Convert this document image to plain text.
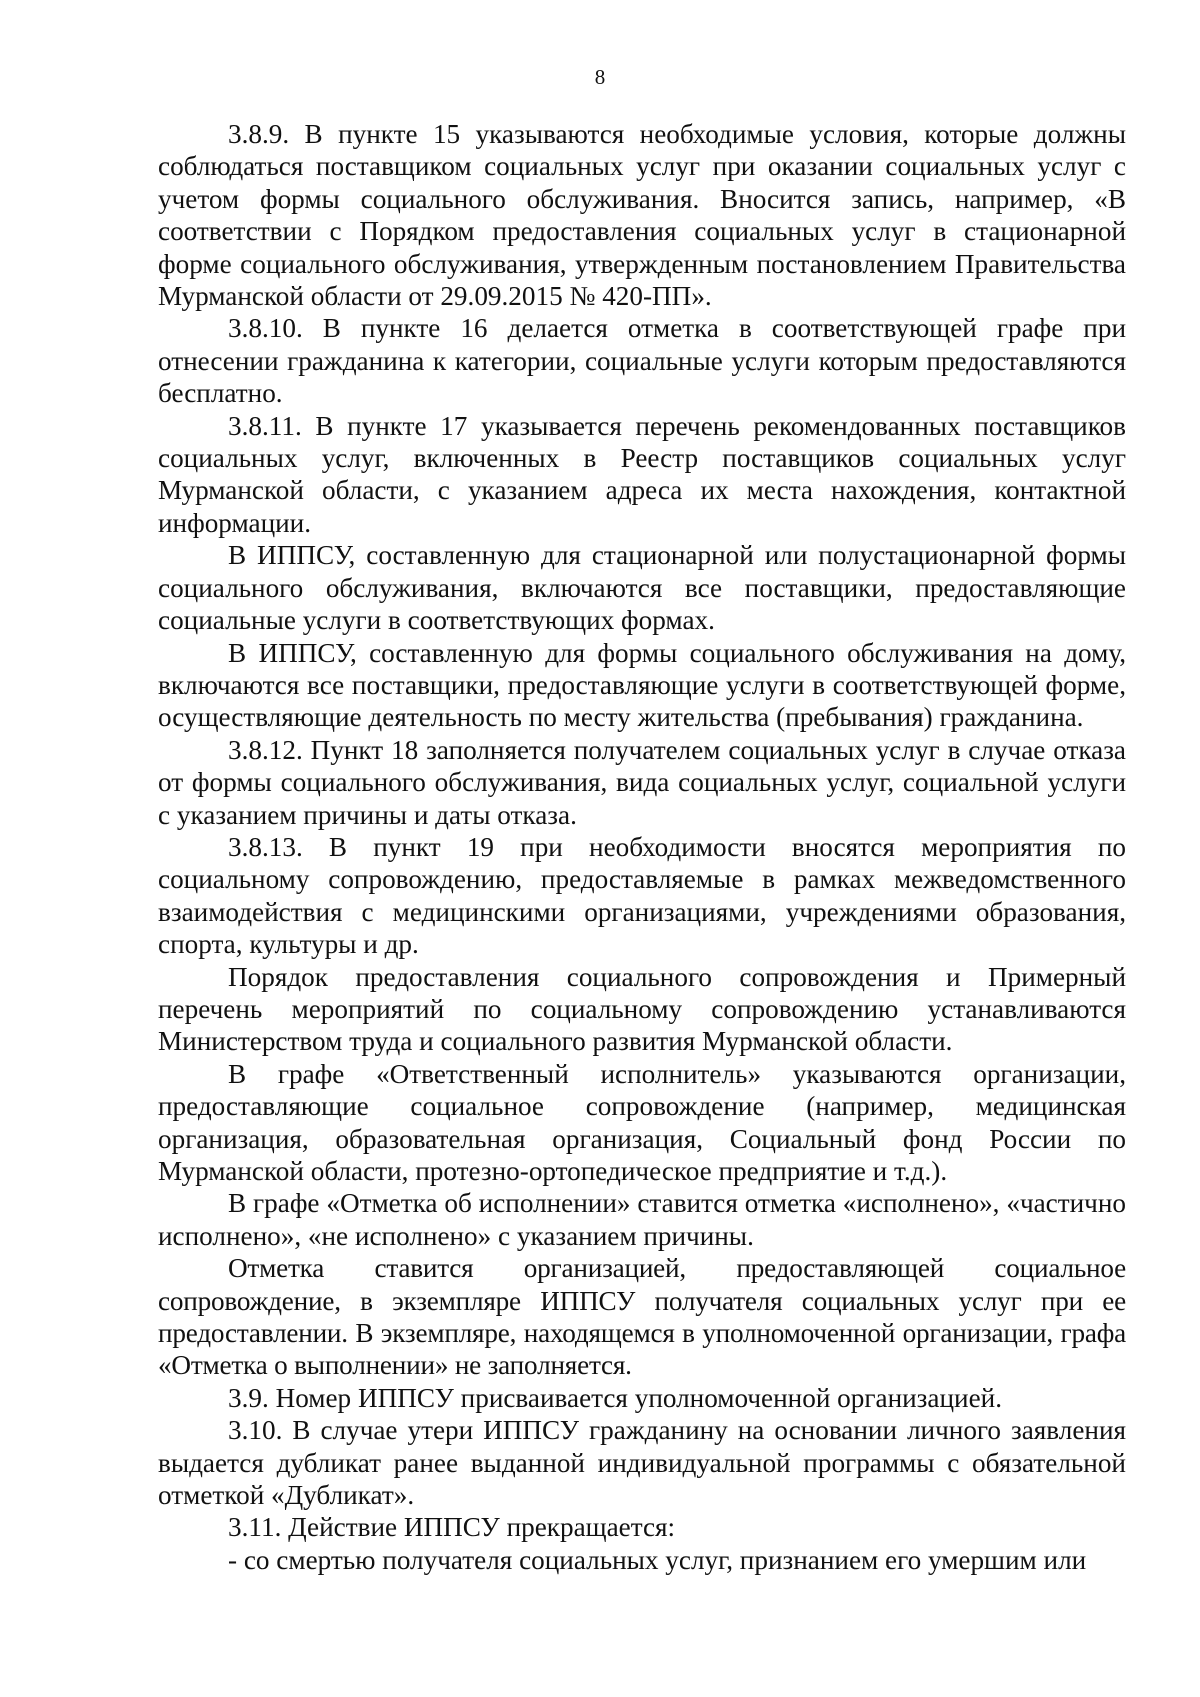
8

3.8.9. В пункте 15 указываются необходимые условия, которые должны соблюдаться поставщиком социальных услуг при оказании социальных услуг с учетом формы социального обслуживания. Вносится запись, например, «В соответствии с Порядком предоставления социальных услуг в стационарной форме социального обслуживания, утвержденным постановлением Правительства Мурманской области от 29.09.2015 № 420-ПП».

3.8.10. В пункте 16 делается отметка в соответствующей графе при отнесении гражданина к категории, социальные услуги которым предоставляются бесплатно.

3.8.11. В пункте 17 указывается перечень рекомендованных поставщиков социальных услуг, включенных в Реестр поставщиков социальных услуг Мурманской области, с указанием адреса их места нахождения, контактной информации.

В ИППСУ, составленную для стационарной или полустационарной формы социального обслуживания, включаются все поставщики, предоставляющие социальные услуги в соответствующих формах.

В ИППСУ, составленную для формы социального обслуживания на дому, включаются все поставщики, предоставляющие услуги в соответствующей форме, осуществляющие деятельность по месту жительства (пребывания) гражданина.

3.8.12. Пункт 18 заполняется получателем социальных услуг в случае отказа от формы социального обслуживания, вида социальных услуг, социальной услуги с указанием причины и даты отказа.

3.8.13. В пункт 19 при необходимости вносятся мероприятия по социальному сопровождению, предоставляемые в рамках межведомственного взаимодействия с медицинскими организациями, учреждениями образования, спорта, культуры и др.

Порядок предоставления социального сопровождения и Примерный перечень мероприятий по социальному сопровождению устанавливаются Министерством труда и социального развития Мурманской области.

В графе «Ответственный исполнитель» указываются организации, предоставляющие социальное сопровождение (например, медицинская организация, образовательная организация, Социальный фонд России по Мурманской области, протезно-ортопедическое предприятие и т.д.).

В графе «Отметка об исполнении» ставится отметка «исполнено», «частично исполнено», «не исполнено» с указанием причины.

Отметка ставится организацией, предоставляющей социальное сопровождение, в экземпляре ИППСУ получателя социальных услуг при ее предоставлении. В экземпляре, находящемся в уполномоченной организации, графа «Отметка о выполнении» не заполняется.

3.9. Номер ИППСУ присваивается уполномоченной организацией.

3.10. В случае утери ИППСУ гражданину на основании личного заявления выдается дубликат ранее выданной индивидуальной программы с обязательной отметкой «Дубликат».

3.11. Действие ИППСУ прекращается:

- со смертью получателя социальных услуг, признанием его умершим или
